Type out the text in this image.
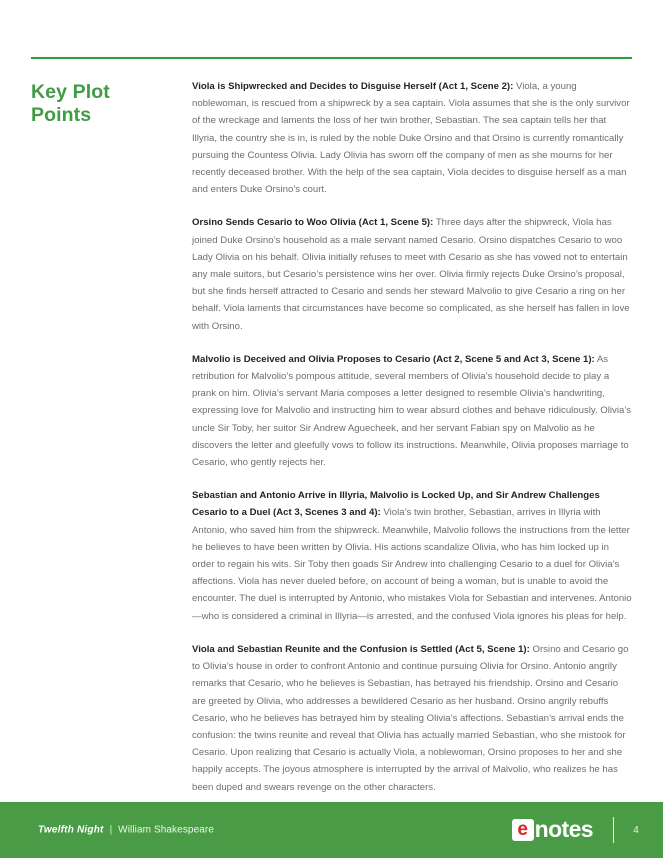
Key Plot
Points

Viola is Shipwrecked and Decides to Disguise Herself (Act 1, Scene 2): Viola, a young noblewoman, is rescued from a shipwreck by a sea captain. Viola assumes that she is the only survivor of the wreckage and laments the loss of her twin brother, Sebastian. The sea captain tells her that Illyria, the country she is in, is ruled by the noble Duke Orsino and that Orsino is currently romantically pursuing the Countess Olivia. Lady Olivia has sworn off the company of men as she mourns for her recently deceased brother. With the help of the sea captain, Viola decides to disguise herself as a man and enters Duke Orsino’s court.

Orsino Sends Cesario to Woo Olivia (Act 1, Scene 5): Three days after the shipwreck, Viola has joined Duke Orsino’s household as a male servant named Cesario. Orsino dispatches Cesario to woo Lady Olivia on his behalf. Olivia initially refuses to meet with Cesario as she has vowed not to entertain any male suitors, but Cesario’s persistence wins her over. Olivia firmly rejects Duke Orsino’s proposal, but she finds herself attracted to Cesario and sends her steward Malvolio to give Cesario a ring on her behalf. Viola laments that circumstances have become so complicated, as she herself has fallen in love with Orsino.

Malvolio is Deceived and Olivia Proposes to Cesario (Act 2, Scene 5 and Act 3, Scene 1): As retribution for Malvolio’s pompous attitude, several members of Olivia’s household decide to play a prank on him. Olivia’s servant Maria composes a letter designed to resemble Olivia’s handwriting, expressing love for Malvolio and instructing him to wear absurd clothes and behave ridiculously. Olivia’s uncle Sir Toby, her suitor Sir Andrew Aguecheek, and her servant Fabian spy on Malvolio as he discovers the letter and gleefully vows to follow its instructions. Meanwhile, Olivia proposes marriage to Cesario, who gently rejects her.

Sebastian and Antonio Arrive in Illyria, Malvolio is Locked Up, and Sir Andrew Challenges Cesario to a Duel (Act 3, Scenes 3 and 4): Viola’s twin brother, Sebastian, arrives in Illyria with Antonio, who saved him from the shipwreck. Meanwhile, Malvolio follows the instructions from the letter he believes to have been written by Olivia. His actions scandalize Olivia, who has him locked up in order to regain his wits. Sir Toby then goads Sir Andrew into challenging Cesario to a duel for Olivia’s affections. Viola has never dueled before, on account of being a woman, but is unable to avoid the encounter. The duel is interrupted by Antonio, who mistakes Viola for Sebastian and intervenes. Antonio—who is considered a criminal in Illyria—is arrested, and the confused Viola ignores his pleas for help.

Viola and Sebastian Reunite and the Confusion is Settled (Act 5, Scene 1): Orsino and Cesario go to Olivia’s house in order to confront Antonio and continue pursuing Olivia for Orsino. Antonio angrily remarks that Cesario, who he believes is Sebastian, has betrayed his friendship. Orsino and Cesario are greeted by Olivia, who addresses a bewildered Cesario as her husband. Orsino angrily rebuffs Cesario, who he believes has betrayed him by stealing Olivia’s affections. Sebastian’s arrival ends the confusion: the twins reunite and reveal that Olivia has actually married Sebastian, who she mistook for Cesario. Upon realizing that Cesario is actually Viola, a noblewoman, Orsino proposes to her and she happily accepts. The joyous atmosphere is interrupted by the arrival of Malvolio, who realizes he has been duped and swears revenge on the other characters.

Twelfth Night | William Shakespeare	e notes	4
